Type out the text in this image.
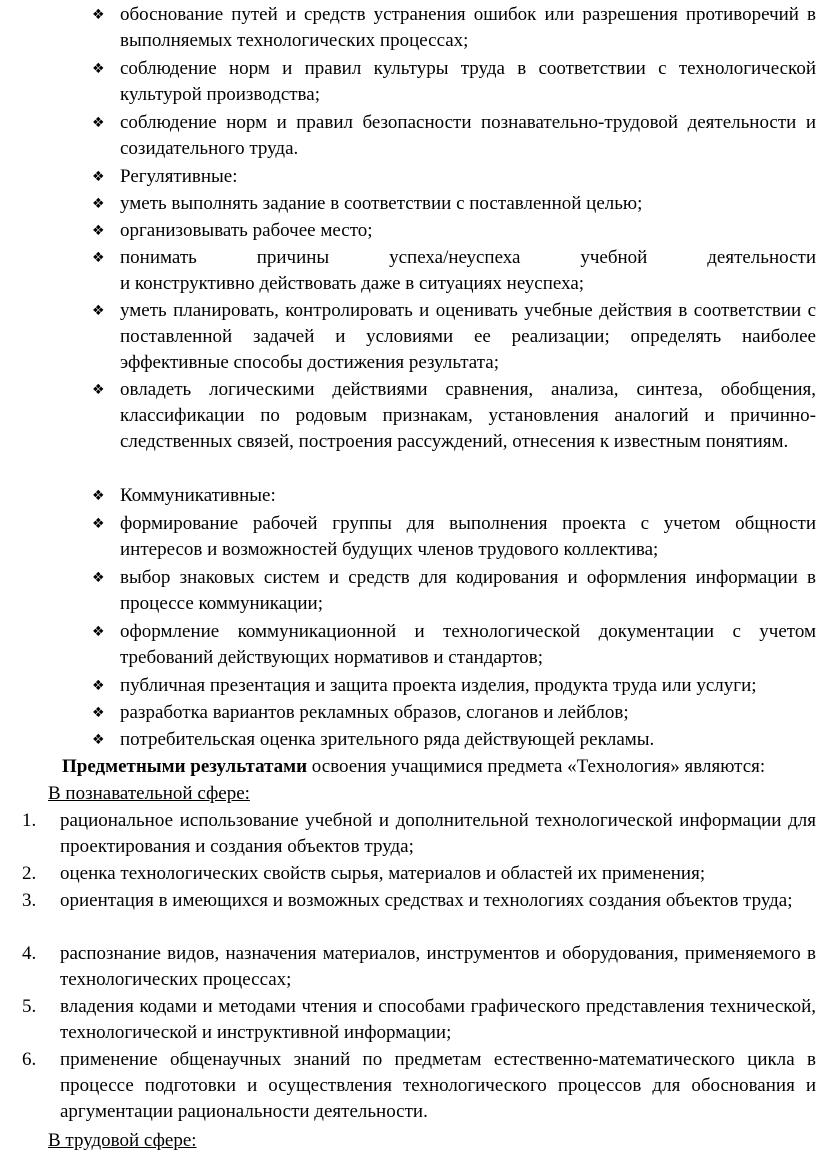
❖ обоснование путей и средств устранения ошибок или разрешения противоречий в выполняемых технологических процессах;
❖ соблюдение норм и правил культуры труда в соответствии с технологической культурой производства;
❖ соблюдение норм и правил безопасности познавательно-трудовой деятельности и созидательного труда.
❖ Регулятивные:
❖ уметь выполнять задание в соответствии с поставленной целью;
❖ организовывать рабочее место;
❖ понимать причины успеха/неуспеха учебной деятельности
и конструктивно действовать даже в ситуациях неуспеха;
❖ уметь планировать, контролировать и оценивать учебные действия в соответствии с поставленной задачей и условиями ее реализации; определять наиболее эффективные способы достижения результата;
❖ овладеть логическими действиями сравнения, анализа, синтеза, обобщения, классификации по родовым признакам, установления аналогий и причинно-следственных связей, построения рассуждений, отнесения к известным понятиям.
❖ Коммуникативные:
❖ формирование рабочей группы для выполнения проекта с учетом общности интересов и возможностей будущих членов трудового коллектива;
❖ выбор знаковых систем и средств для кодирования и оформления информации в процессе коммуникации;
❖ оформление коммуникационной и технологической документации с учетом требований действующих нормативов и стандартов;
❖ публичная презентация и защита проекта изделия, продукта труда или услуги;
❖ разработка вариантов рекламных образов, слоганов и лейблов;
❖ потребительская оценка зрительного ряда действующей рекламы.
Предметными результатами освоения учащимися предмета «Технология» являются:
В познавательной сфере:
1. рациональное использование учебной и дополнительной технологической информации для проектирования и создания объектов труда;
2. оценка технологических свойств сырья, материалов и областей их применения;
3. ориентация в имеющихся и возможных средствах и технологиях создания объектов труда;
4. распознание видов, назначения материалов, инструментов и оборудования, применяемого в технологических процессах;
5. владения кодами и методами чтения и способами графического представления технической, технологической и инструктивной информации;
6. применение общенаучных знаний по предметам естественно-математического цикла в процессе подготовки и осуществления технологического процессов для обоснования и аргументации рациональности деятельности.
В трудовой сфере:
